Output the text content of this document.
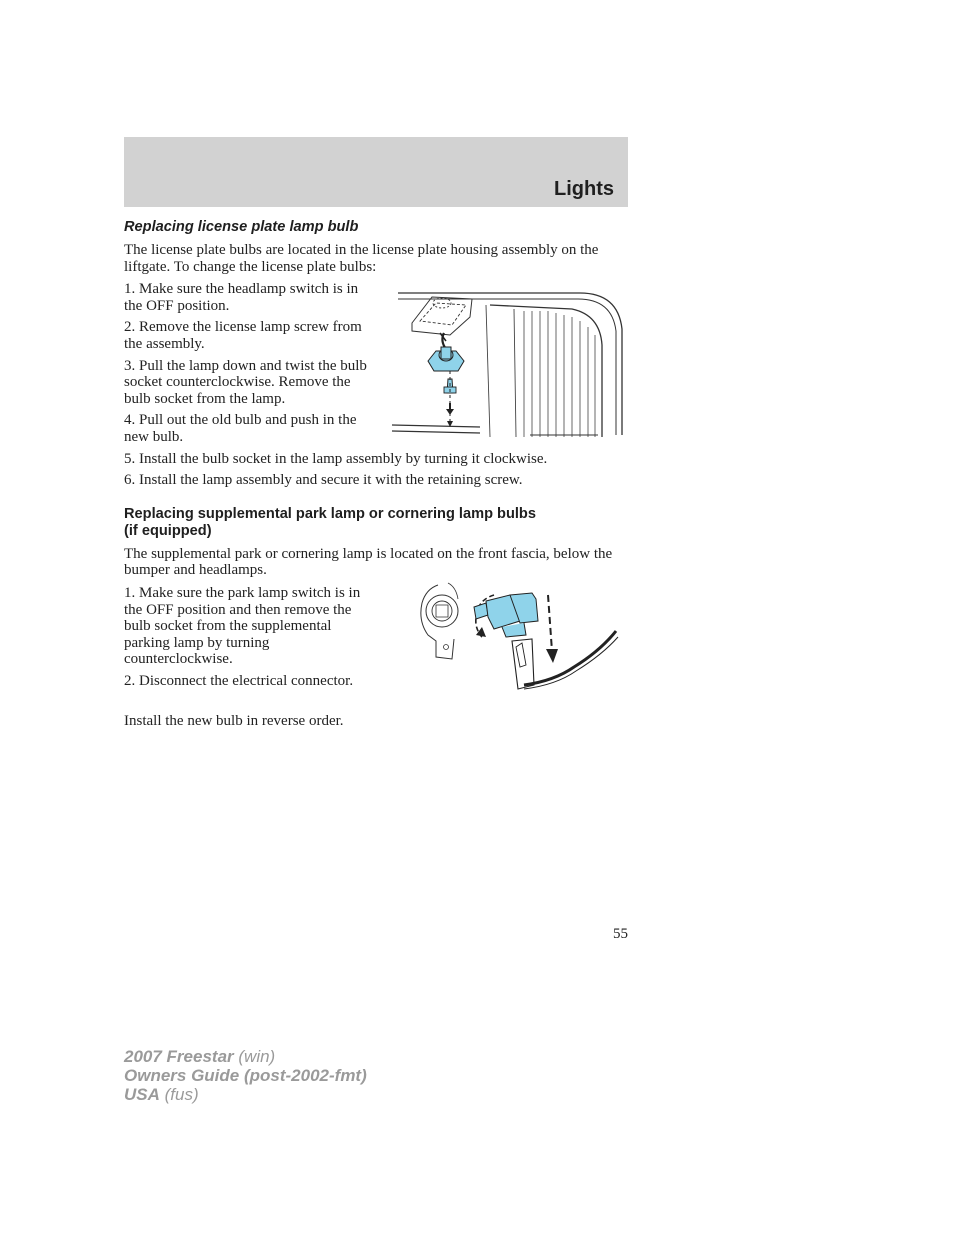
Lights
Replacing license plate lamp bulb

The license plate bulbs are located in the license plate housing assembly on the liftgate. To change the license plate bulbs:

1. Make sure the headlamp switch is in the OFF position.

2. Remove the license lamp screw from the assembly.

3. Pull the lamp down and twist the bulb socket counterclockwise. Remove the bulb socket from the lamp.

4. Pull out the old bulb and push in the new bulb.

5. Install the bulb socket in the lamp assembly by turning it clockwise.

6. Install the lamp assembly and secure it with the retaining screw.

Replacing supplemental park lamp or cornering lamp bulbs
(if equipped)

The supplemental park or cornering lamp is located on the front fascia, below the bumper and headlamps.

1. Make sure the park lamp switch is in the OFF position and then remove the bulb socket from the supplemental parking lamp by turning counterclockwise.

2. Disconnect the electrical connector.

Install the new bulb in reverse order.

55
2007 Freestar (win)
Owners Guide (post-2002-fmt)
USA (fus)
